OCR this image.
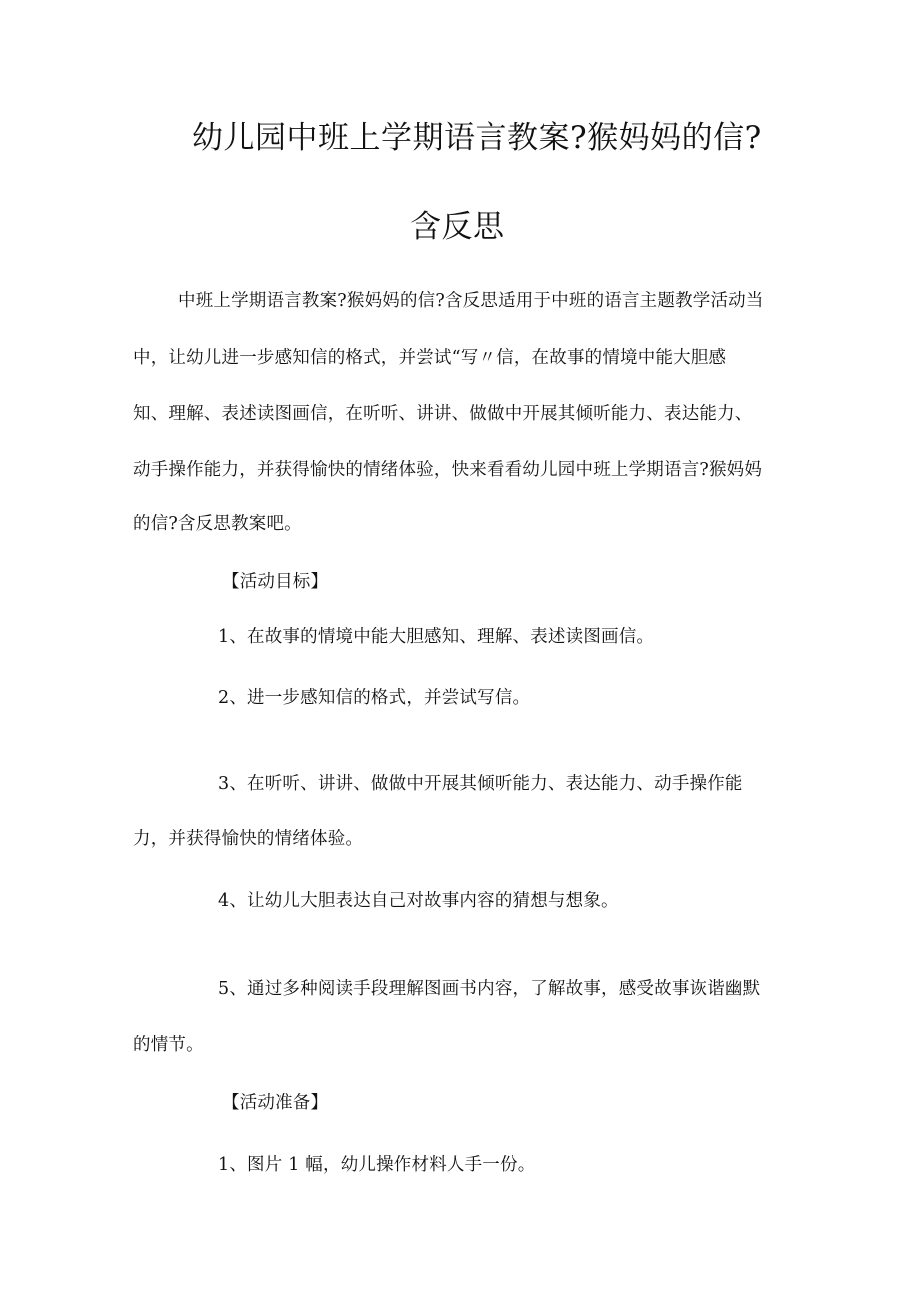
幼儿园中班上学期语言教案?猴妈妈的信?
含反思
中班上学期语言教案?猴妈妈的信?含反思适用于中班的语言主题教学活动当
中，让幼儿进一步感知信的格式，并尝试“写〃信，在故事的情境中能大胆感
知、理解、表述读图画信，在听听、讲讲、做做中开展其倾听能力、表达能力、
动手操作能力，并获得愉快的情绪体验，快来看看幼儿园中班上学期语言?猴妈妈
的信?含反思教案吧。
【活动目标】
1、在故事的情境中能大胆感知、理解、表述读图画信。
2、进一步感知信的格式，并尝试写信。
3、在听听、讲讲、做做中开展其倾听能力、表达能力、动手操作能
力，并获得愉快的情绪体验。
4、让幼儿大胆表达自己对故事内容的猜想与想象。
5、通过多种阅读手段理解图画书内容，了解故事，感受故事诙谐幽默
的情节。
【活动准备】
1、图片 1 幅，幼儿操作材料人手一份。
